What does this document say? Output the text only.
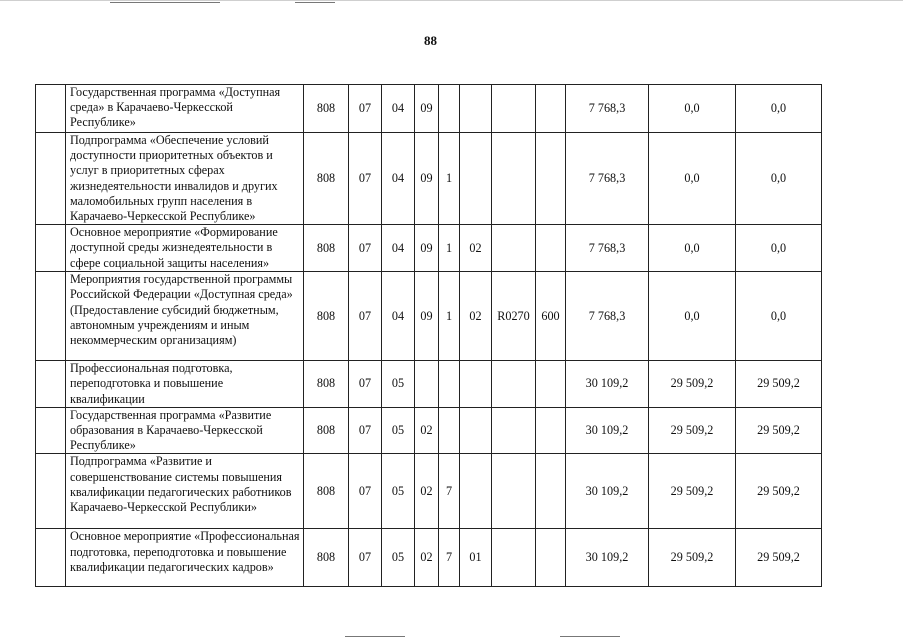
88
	Государственная программа «Доступная среда» в Карачаево-Черкесской Республике»	808	07	04	09					7 768,3	0,0	0,0
	Подпрограмма «Обеспечение условий доступности приоритетных объектов и услуг в приоритетных сферах жизнедеятельности инвалидов и других маломобильных групп населения в Карачаево-Черкесской Республике»	808	07	04	09	1				7 768,3	0,0	0,0
	Основное мероприятие «Формирование доступной среды жизнедеятельности в сфере социальной защиты населения»	808	07	04	09	1	02			7 768,3	0,0	0,0
	Мероприятия государственной программы Российской Федерации «Доступная среда» (Предоставление субсидий бюджетным, автономным учреждениям и иным некоммерческим организациям)	808	07	04	09	1	02	R0270	600	7 768,3	0,0	0,0
	Профессиональная подготовка, переподготовка и повышение квалификации	808	07	05						30 109,2	29 509,2	29 509,2
	Государственная программа «Развитие образования в Карачаево-Черкесской Республике»	808	07	05	02					30 109,2	29 509,2	29 509,2
	Подпрограмма «Развитие и совершенствование системы повышения квалификации педагогических работников Карачаево-Черкесской Республики»	808	07	05	02	7				30 109,2	29 509,2	29 509,2
	Основное мероприятие «Профессиональная подготовка, переподготовка и повышение квалификации педагогических кадров»	808	07	05	02	7	01			30 109,2	29 509,2	29 509,2
